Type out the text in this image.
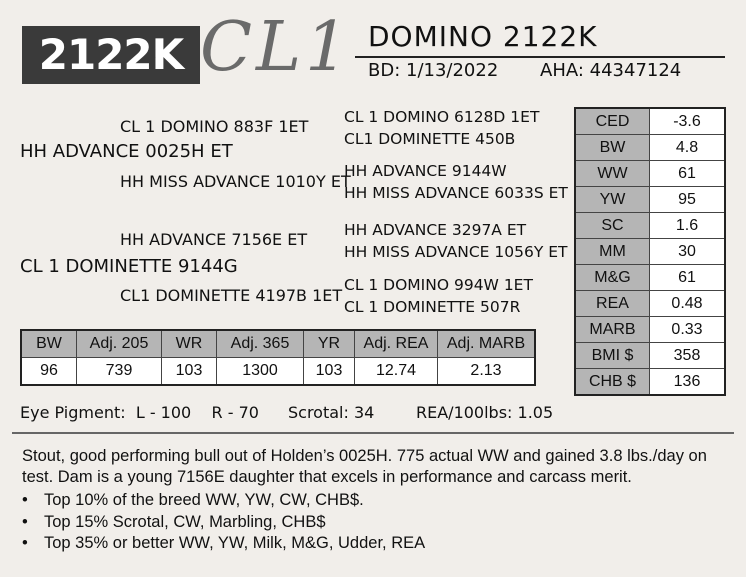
2122K CL1 DOMINO 2122K
BD: 1/13/2022 AHA: 44347124
CL 1 DOMINO 883F 1ET
HH ADVANCE 0025H ET
HH MISS ADVANCE 1010Y ET
CL 1 DOMINO 6128D 1ET
CL1 DOMINETTE 450B
HH ADVANCE 9144W
HH MISS ADVANCE 6033S ET
HH ADVANCE 7156E ET
CL 1 DOMINETTE 9144G
CL1 DOMINETTE 4197B 1ET
HH ADVANCE 3297A ET
HH MISS ADVANCE 1056Y ET
CL 1 DOMINO 994W 1ET
CL 1 DOMINETTE 507R
CED	-3.6
BW	4.8
WW	61
YW	95
SC	1.6
MM	30
M&G	61
REA	0.48
MARB	0.33
BMI $	358
CHB $	136
BW	Adj. 205	WR	Adj. 365	YR	Adj. REA	Adj. MARB
96	739	103	1300	103	12.74	2.13
Eye Pigment:  L - 100    R - 70 Scrotal: 34	REA/100lbs: 1.05
Stout, good performing bull out of Holden’s 0025H. 775 actual WW and gained 3.8 lbs./day on test. Dam is a young 7156E daughter that excels in performance and carcass merit.
• Top 10% of the breed WW, YW, CW, CHB$.
• Top 15% Scrotal, CW, Marbling, CHB$
• Top 35% or better WW, YW, Milk, M&G, Udder, REA
